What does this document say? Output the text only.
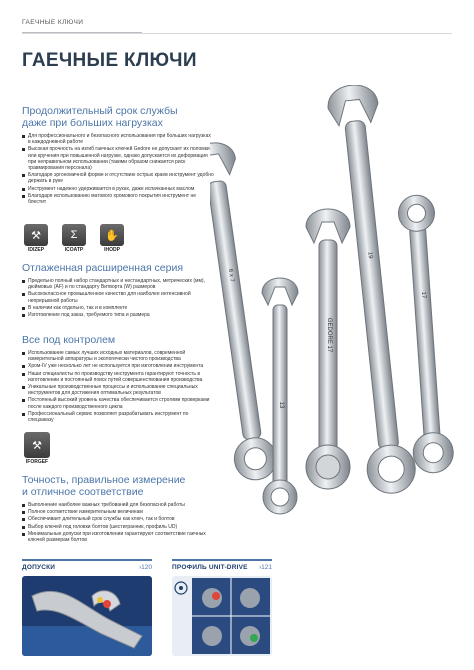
ГАЕЧНЫЕ КЛЮЧИ
ГАЕЧНЫЕ КЛЮЧИ
Продолжительный срок службы
даже при больших нагрузках
Для профессионального и безопасного использования при больших нагрузках в каждодневной работе
Высокая прочность на изгиб гаечных ключей Gedore не допускает их поломки или кручения при повышенной нагрузке, однако допускается их деформация при неправильном использовании (такими образом снижается риск травмирования персонала)
Благодаря эргономичной форме и отсутствию острых краев инструмент удобно держать в руке
Инструмент надежно удерживается в руках, даже испачканных маслом
Благодаря использованию матового хромового покрытия инструмент не блестит
⚒
IDIZEP
Σ
ICOATP
✋
IHODP
Отлаженная расширенная серия
Предельно полный набор стандартных и нестандартных, метрических (мм), дюймовых (AF) и по стандарту Витворта (W) размеров
Высококлассное промышленное качество для наиболее интенсивной непрерывной работы
В наличии как отдельно, так и в комплекте
Изготовление под заказ, требуемого типа и размера
Все под контролем
Использование самых лучших исходных материалов, современной измерительной аппаратуры и экологически чистого производства
Хром-IV уже несколько лет не используется при изготовлении инструмента
Наши специалисты по производству инструмента гарантируют точность в изготовлении и постоянный поиск путей совершенствования производства
Уникальные производственные процессы и использование специальных инструментов для достижения оптимальных результатов
Постоянный высокий уровень качества обеспечивается строгими проверками после каждого производственного цикла
Профессиональный сервис позволяет разрабатывать инструмент по спецзаказу
⚒
IFORGEF
Точность, правильное измерение
и отличное соответствие
Выполнение наиболее важных требований для безопасной работы
Полное соответствие измерительным величинам
Обеспечивает длительный срок службы как ключ, так и болтов
Выбор ключей под головки болтов (шестигранник, профиль UD)
Минимальные допуски при изготовлении гарантируют соответствие гаечных ключей размерам болтов
6 x 7
13
GEDORE 17
19
17
ДОПУСКИ	›120	ПРОФИЛЬ UNIT-DRIVE ›121
